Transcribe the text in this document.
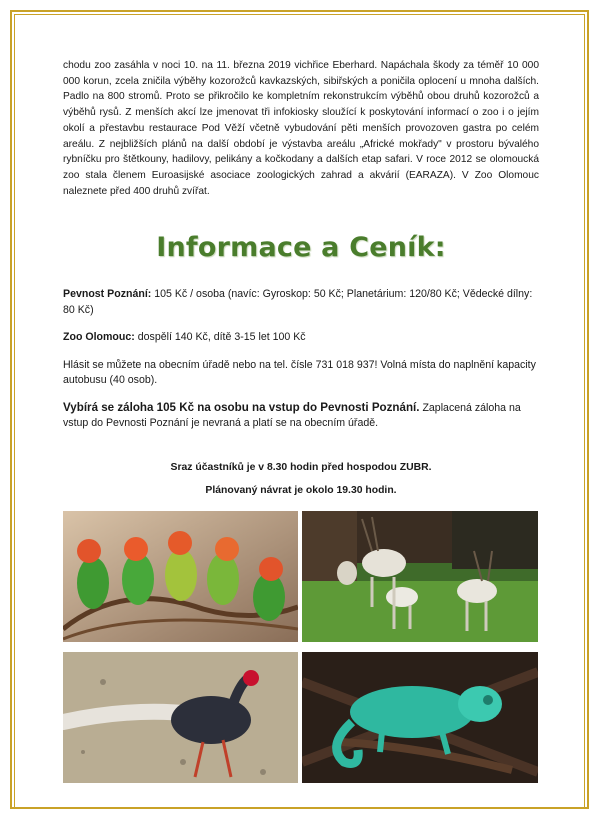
chodu zoo zasáhla v noci 10. na 11. března 2019 vichřice Eberhard. Napáchala škody za téměř 10 000 000 korun, zcela zničila výběhy kozorožců kavkazských, sibiřských a poničila oplocení u mnoha dalších. Padlo na 800 stromů. Proto se přikročilo ke kompletním rekonstrukcím výběhů obou druhů kozorožců a výběhů rysů. Z menších akcí lze jmenovat tři infokiosky sloužící k poskytování informací o zoo i o jejím okolí a přestavbu restaurace Pod Věží včetně vybudování pěti menších provozoven gastra po celém areálu. Z nejbližších plánů na další období je výstavba areálu „Africké mokřady" v prostoru bývalého rybníčku pro štětkouny, hadilovy, pelikány a kočkodany a dalších etap safari. V roce 2012 se olomoucká zoo stala členem Euroasijské asociace zoologických zahrad a akvárií (EARAZA). V Zoo Olomouc naleznete před 400 druhů zvířat.

Informace a Ceník:

Pevnost Poznání: 105 Kč / osoba (navíc: Gyroskop: 50 Kč; Planetárium: 120/80 Kč; Vědecké dílny: 80 Kč)

Zoo Olomouc: dospělí 140 Kč, dítě 3-15 let 100 Kč

Hlásit se můžete na obecním úřadě nebo na tel. čísle 731 018 937! Volná místa do naplnění kapacity autobusu (40 osob).

Vybírá se záloha 105 Kč na osobu na vstup do Pevnosti Poznání. Zaplacená záloha na vstup do Pevnosti Poznání je nevraná a platí se na obecním úřadě.

Sraz účastníků je v 8.30 hodin před hospodou ZUBR.

Plánovaný návrat je okolo 19.30 hodin.
